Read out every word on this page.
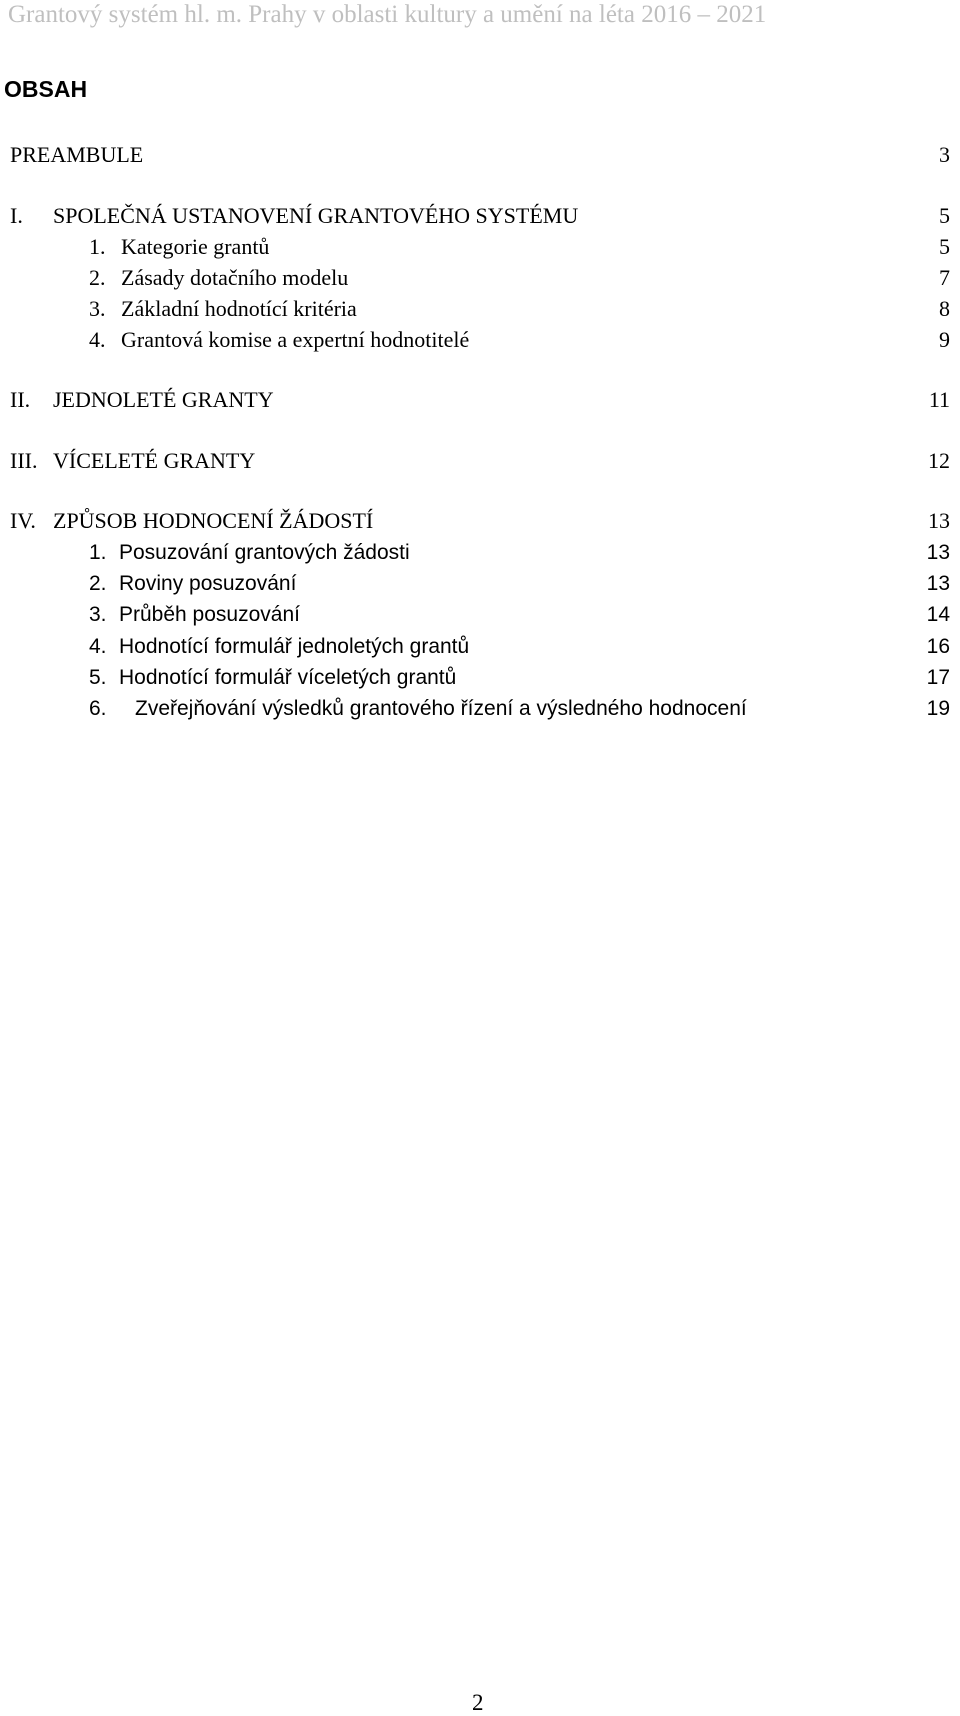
Grantový systém hl. m. Prahy v oblasti kultury a umění na léta 2016 – 2021
OBSAH
PREAMBULE	3
I. SPOLEČNÁ USTANOVENÍ GRANTOVÉHO SYSTÉMU	5
1. Kategorie grantů	5
2. Zásady dotačního modelu	7
3. Základní hodnotící kritéria	8
4. Grantová komise a expertní hodnotitelé	9
II. JEDNOLETÉ GRANTY	11
III. VÍCELETÉ GRANTY	12
IV. ZPŮSOB HODNOCENÍ ŽÁDOSTÍ	13
1. Posuzování grantových žádosti	13
2. Roviny posuzování	13
3. Průběh posuzování	14
4. Hodnotící formulář jednoletých grantů	16
5. Hodnotící formulář víceletých grantů	17
6. Zveřejňování výsledků grantového řízení a výsledného hodnocení	19
2
